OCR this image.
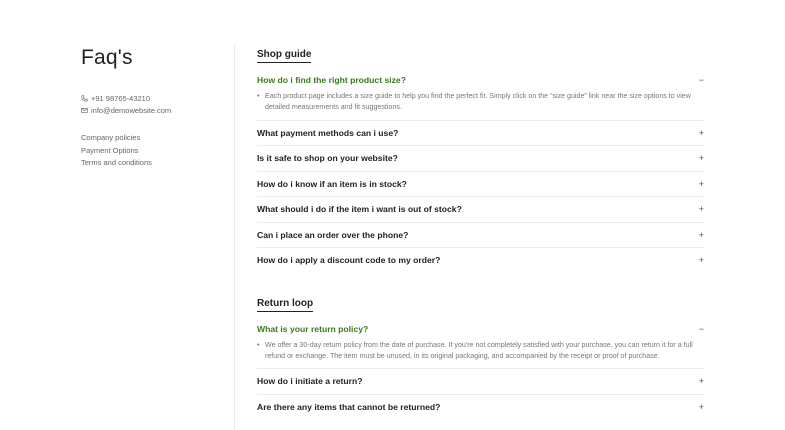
Faq's
+91 98765-43210
info@demowebsite.com
Company policies
Payment Options
Terms and conditions
Shop guide
How do i find the right product size?	−
• Each product page includes a size guide to help you find the perfect fit. Simply click on the “size guide” link near the size options to view detailed measurements and fit suggestions.
What payment methods can i use?	+
Is it safe to shop on your website?	+
How do i know if an item is in stock?	+
What should i do if the item i want is out of stock?	+
Can i place an order over the phone?	+
How do i apply a discount code to my order?	+
Return loop
What is your return policy?	−
• We offer a 30-day return policy from the date of purchase. If you're not completely satisfied with your purchase, you can return it for a full refund or exchange. The item must be unused, in its original packaging, and accompanied by the receipt or proof of purchase.
How do i initiate a return?	+
Are there any items that cannot be returned?	+
